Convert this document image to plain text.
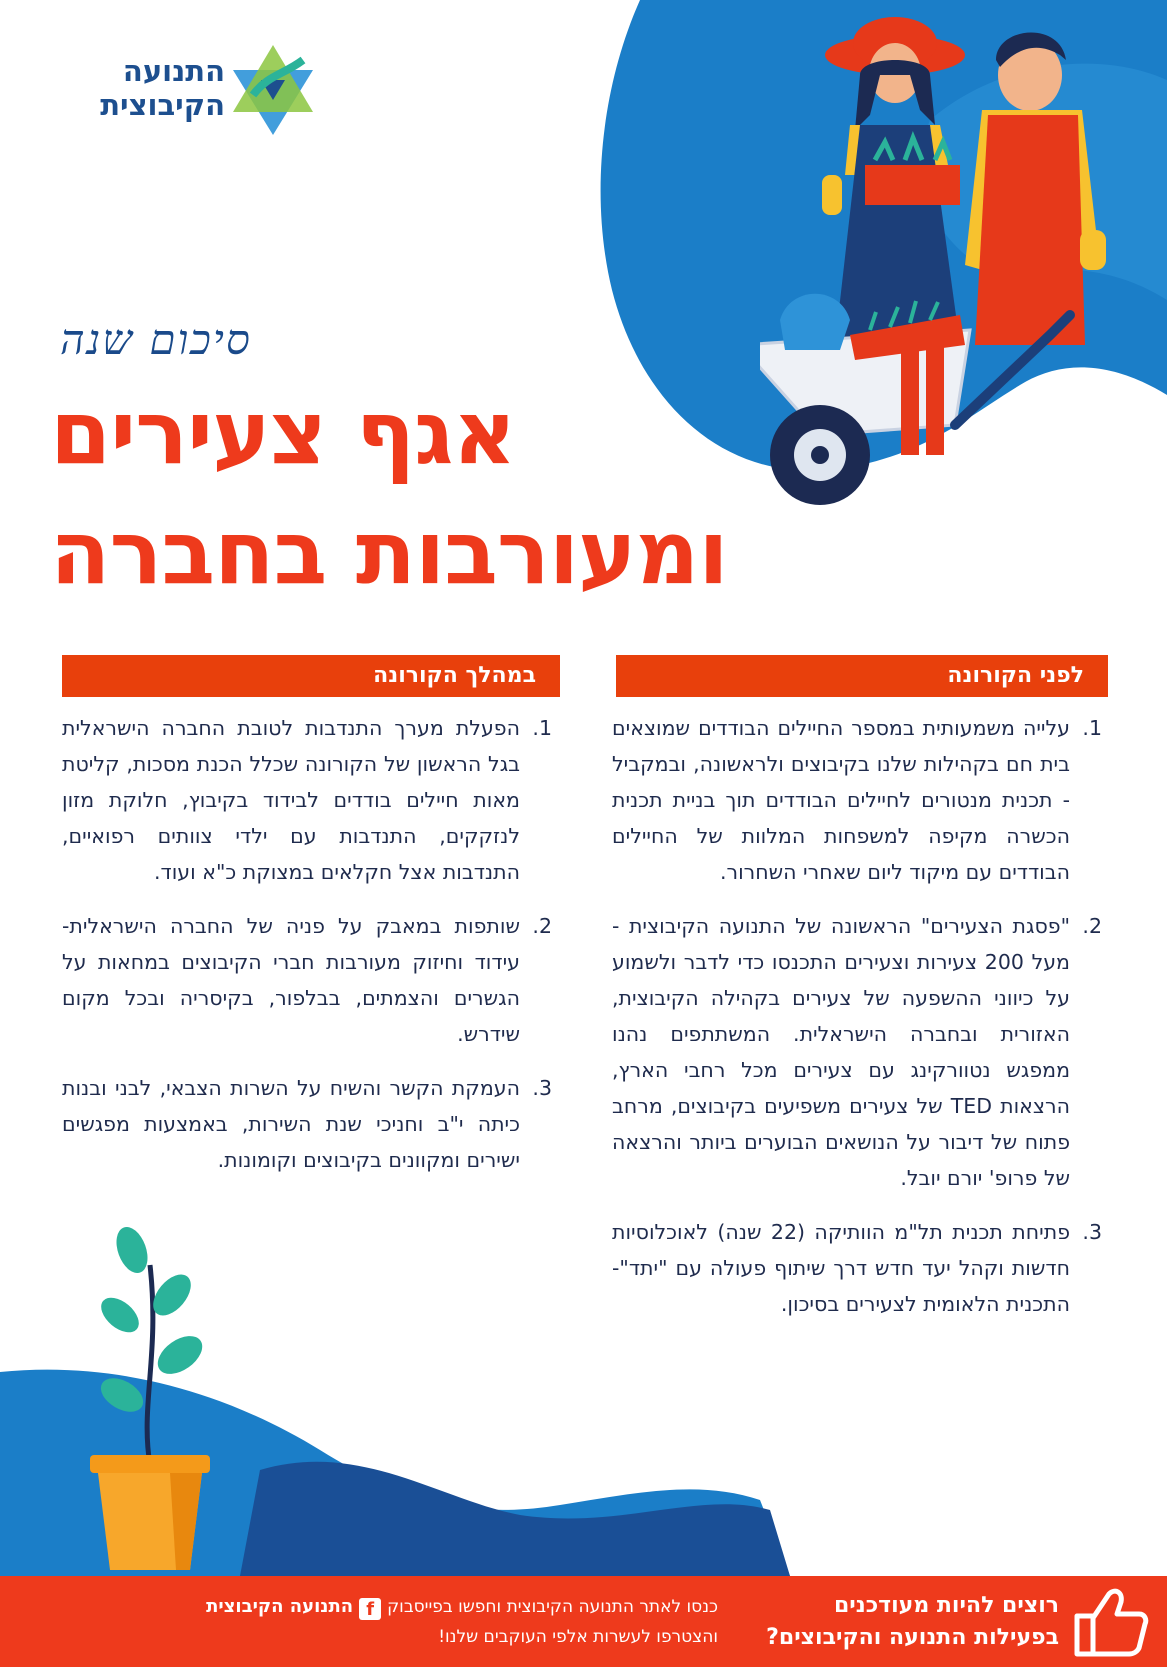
התנועה
הקיבוצית
סיכום שנה
אגף צעירים
ומעורבות בחברה
לפני הקורונה
במהלך הקורונה
1.
עלייה משמעותית במספר החיילים הבודדים שמוצאים בית חם בקהילות שלנו בקיבוצים ולראשונה, ובמקביל - תכנית מנטורים לחיילים הבודדים תוך בניית תכנית הכשרה מקיפה למשפחות המלוות של החיילים הבודדים עם מיקוד ליום שאחרי השחרור.
2.
"פסגת הצעירים" הראשונה של התנועה הקיבוצית - מעל 200 צעירות וצעירים התכנסו כדי לדבר ולשמוע על כיווני ההשפעה של צעירים בקהילה הקיבוצית, האזורית ובחברה הישראלית. המשתתפים נהנו ממפגש נטוורקינג עם צעירים מכל רחבי הארץ, הרצאות TED של צעירים משפיעים בקיבוצים, מרחב פתוח של דיבור על הנושאים הבוערים ביותר והרצאה של פרופ' יורם יובל.
3.
פתיחת תכנית תל"מ הוותיקה (22 שנה) לאוכלוסיות חדשות וקהל יעד חדש דרך שיתוף פעולה עם "יתד"- התכנית הלאומית לצעירים בסיכון.
1.
הפעלת מערך התנדבות לטובת החברה הישראלית בגל הראשון של הקורונה שכלל הכנת מסכות, קליטת מאות חיילים בודדים לבידוד בקיבוץ, חלוקת מזון לנזקקים, התנדבות עם ילדי צוותים רפואיים, התנדבות אצל חקלאים במצוקת כ"א ועוד.
2.
שותפות במאבק על פניה של החברה הישראלית- עידוד וחיזוק מעורבות חברי הקיבוצים במחאות על הגשרים והצמתים, בבלפור, בקיסריה ובכל מקום שידרש.
3.
העמקת הקשר והשיח על השרות הצבאי, לבני ובנות כיתה י"ב וחניכי שנת השירות, באמצעות מפגשים ישירים ומקוונים בקיבוצים וקומונות.
רוצים להיות מעודכנים
בפעילות התנועה והקיבוצים?
כנסו לאתר התנועה הקיבוצית וחפשו בפייסבוקfהתנועה הקיבוצית
והצטרפו לעשרות אלפי העוקבים שלנו!
